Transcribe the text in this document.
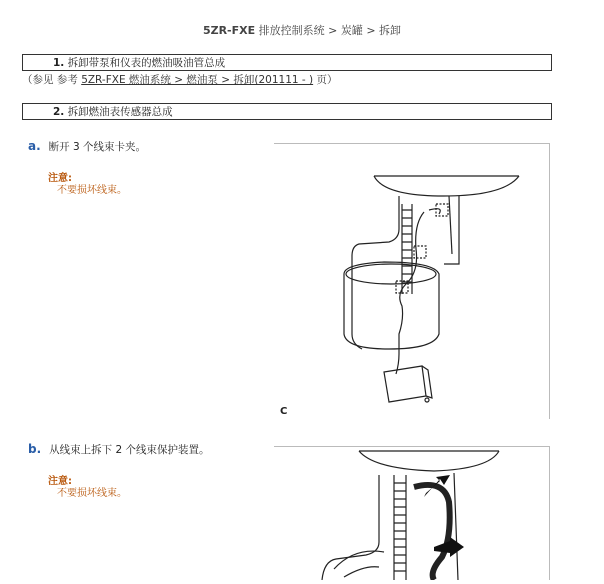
5ZR-FXE 排放控制系统 > 炭罐 > 拆卸
1. 拆卸带泵和仪表的燃油吸油管总成
（参见 参考 5ZR-FXE 燃油系统 > 燃油泵 > 拆卸(201111 - ) 页）
2. 拆卸燃油表传感器总成
a. 断开 3 个线束卡夹。
注意:
不要损坏线束。
C
b. 从线束上拆下 2 个线束保护装置。
注意:
不要损坏线束。
